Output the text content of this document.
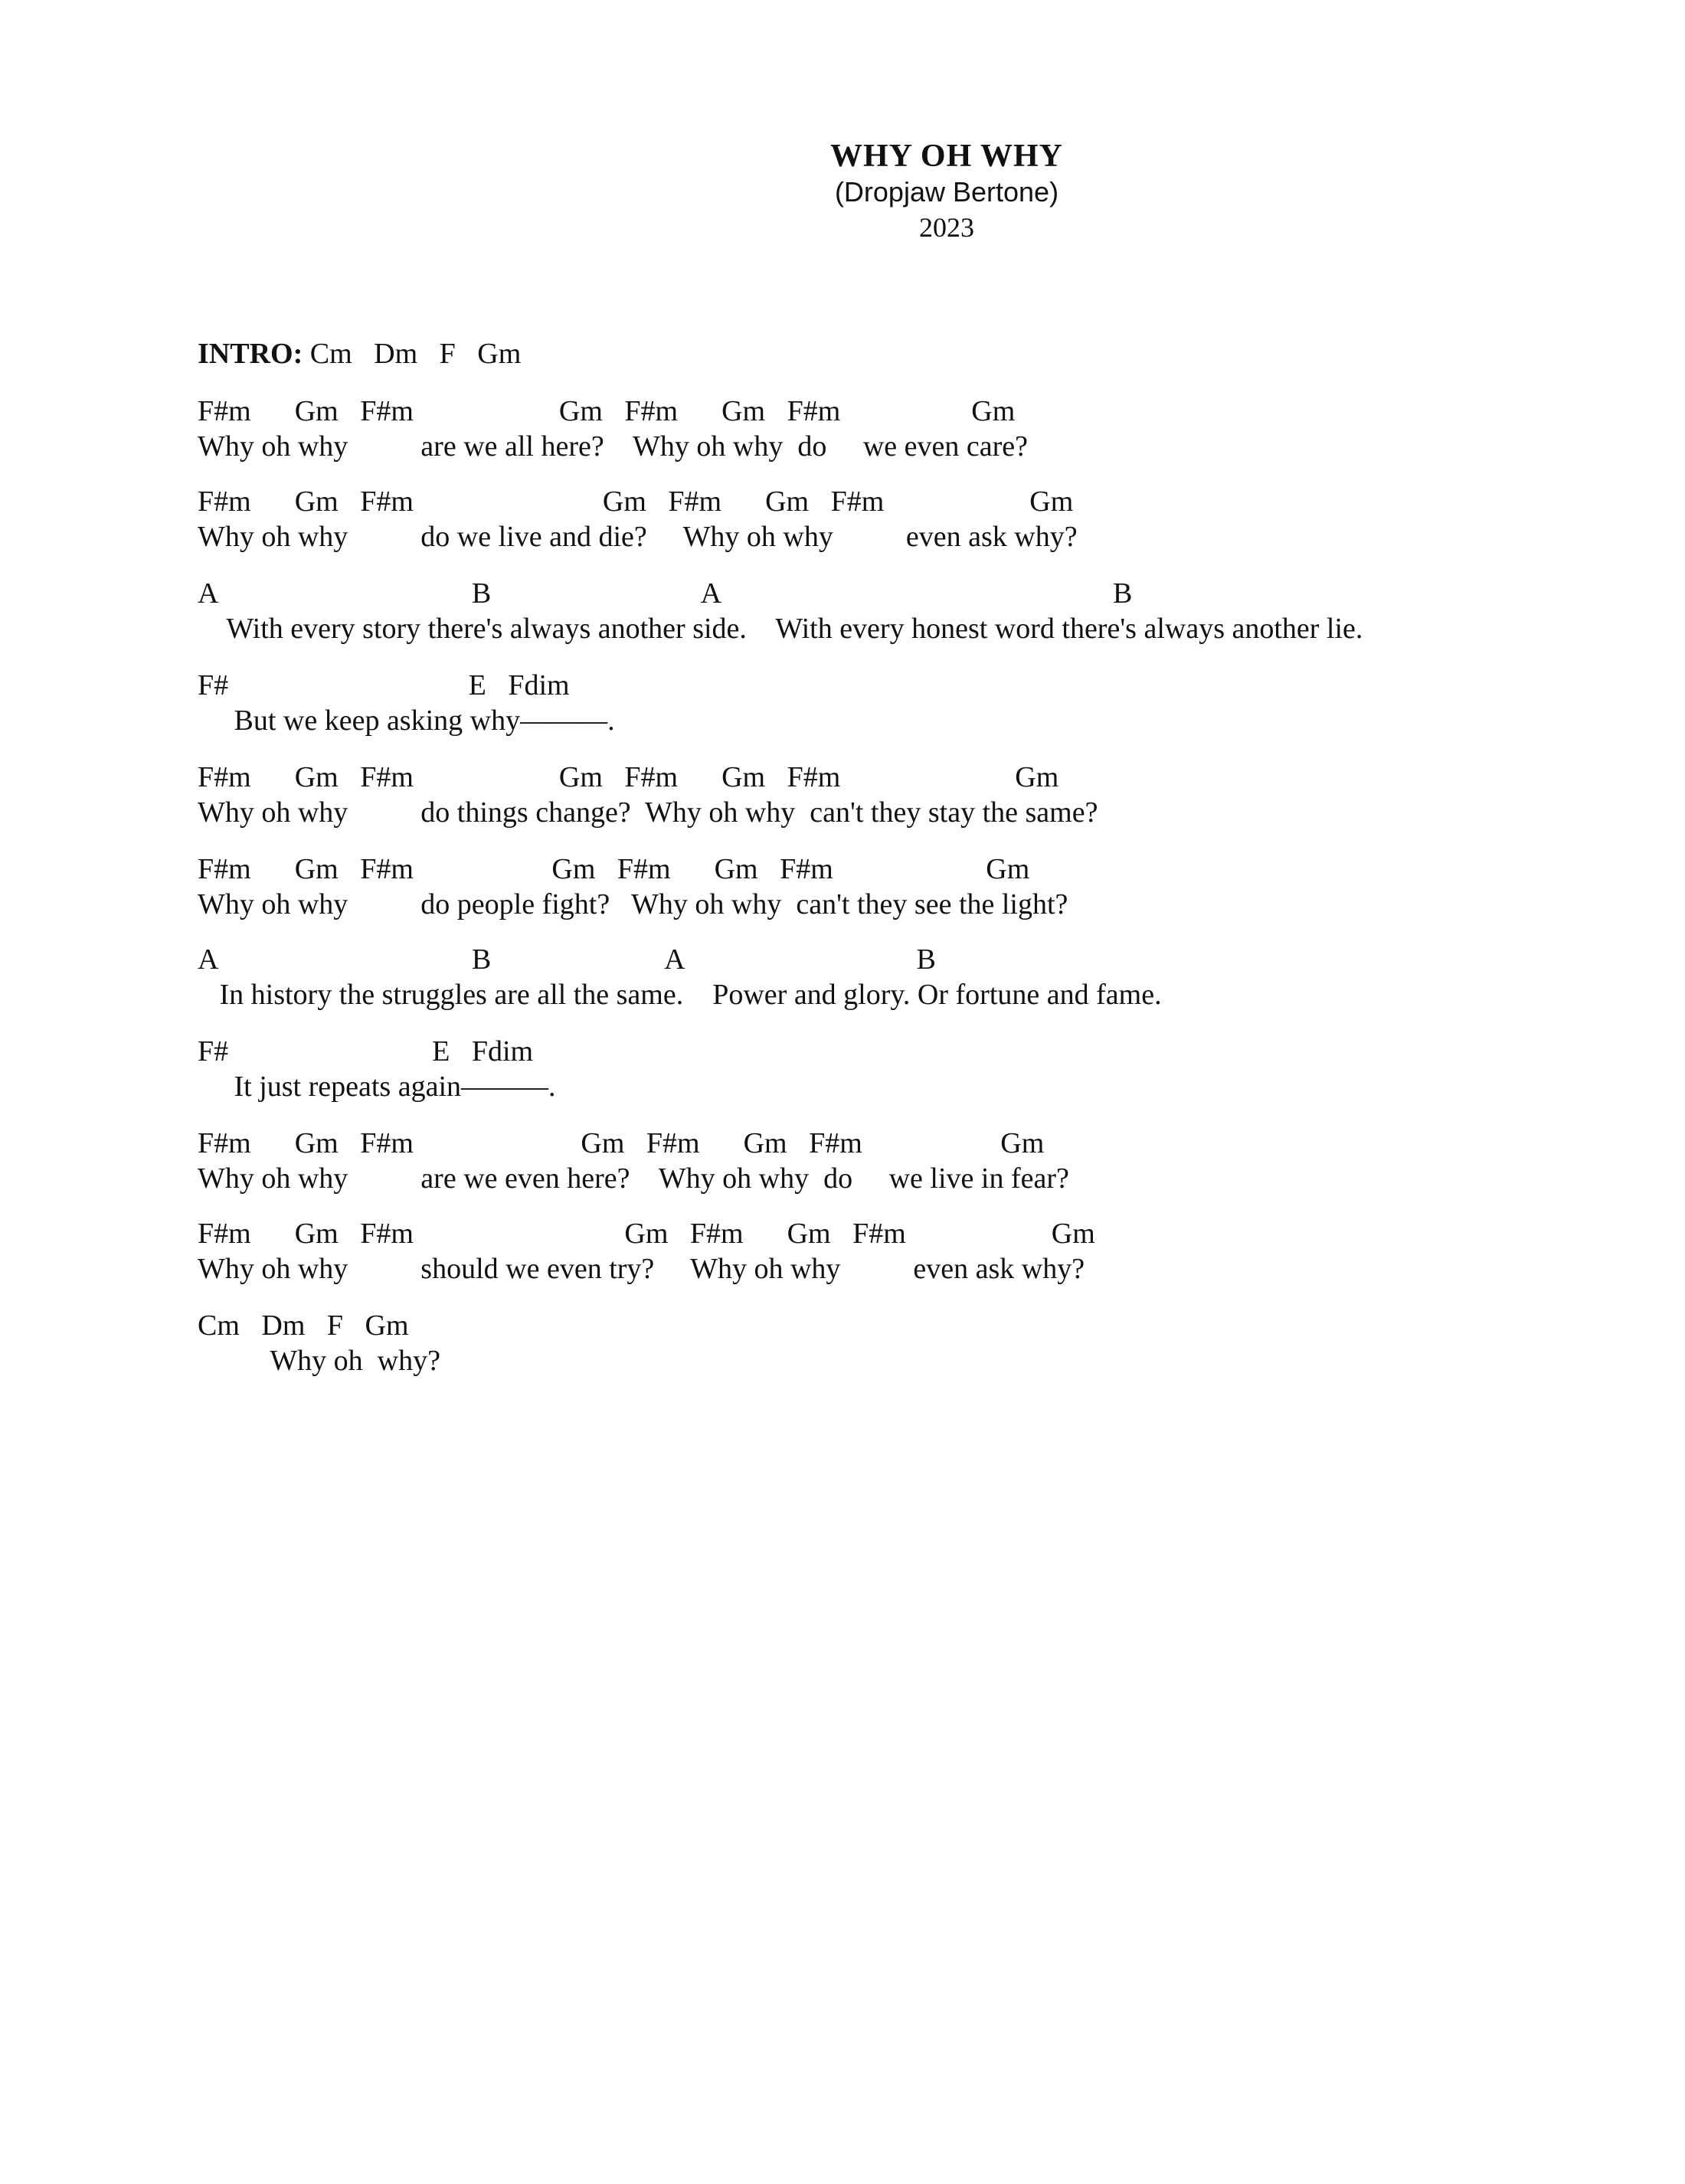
WHY OH WHY
(Dropjaw Bertone)
2023
INTRO: Cm   Dm   F   Gm
F#m      Gm   F#m                    Gm   F#m      Gm   F#m                  Gm
Why oh why          are we all here?    Why oh why  do     we even care?
F#m      Gm   F#m                          Gm   F#m      Gm   F#m                    Gm
Why oh why          do we live and die?     Why oh why          even ask why?
A                                   B                             A                                                      B
With every story there's always another side.    With every honest word there's always another lie.
F#                                 E   Fdim
But we keep asking why———.
F#m      Gm   F#m                    Gm   F#m      Gm   F#m                        Gm
Why oh why          do things change?  Why oh why  can't they stay the same?
F#m      Gm   F#m                   Gm   F#m      Gm   F#m                     Gm
Why oh why          do people fight?   Why oh why  can't they see the light?
A                                   B                        A                                B
In history the struggles are all the same.    Power and glory. Or fortune and fame.
F#                            E   Fdim
It just repeats again———.
F#m      Gm   F#m                       Gm   F#m      Gm   F#m                   Gm
Why oh why          are we even here?    Why oh why  do     we live in fear?
F#m      Gm   F#m                             Gm   F#m      Gm   F#m                    Gm
Why oh why          should we even try?     Why oh why          even ask why?
Cm   Dm   F   Gm
Why oh  why?
